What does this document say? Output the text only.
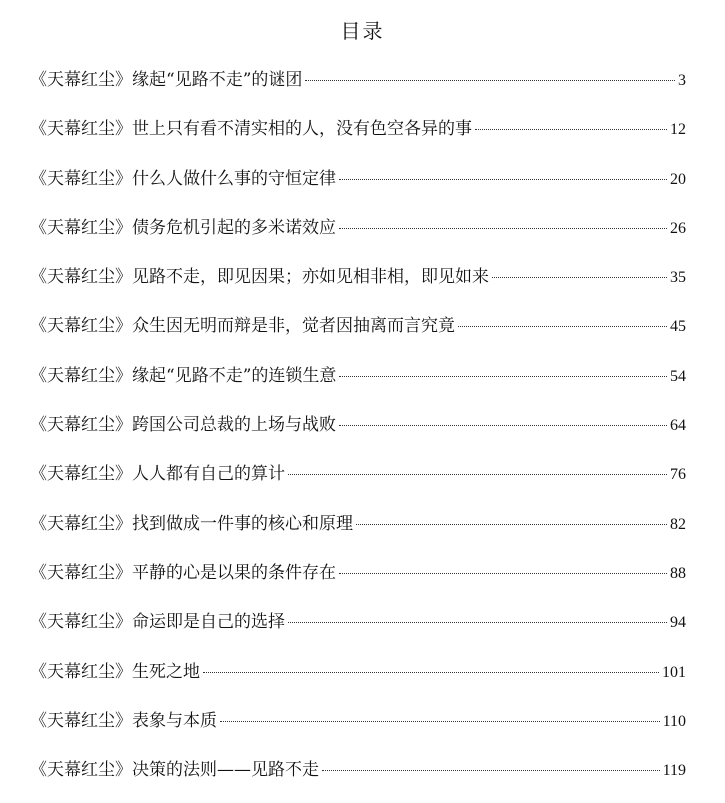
目录
《天幕红尘》缘起“见路不走”的谜团	3
《天幕红尘》世上只有看不清实相的人，没有色空各异的事	12
《天幕红尘》什么人做什么事的守恒定律	20
《天幕红尘》债务危机引起的多米诺效应	26
《天幕红尘》见路不走，即见因果；亦如见相非相，即见如来	35
《天幕红尘》众生因无明而辩是非，觉者因抽离而言究竟	45
《天幕红尘》缘起“见路不走”的连锁生意	54
《天幕红尘》跨国公司总裁的上场与战败	64
《天幕红尘》人人都有自己的算计	76
《天幕红尘》找到做成一件事的核心和原理	82
《天幕红尘》平静的心是以果的条件存在	88
《天幕红尘》命运即是自己的选择	94
《天幕红尘》生死之地	101
《天幕红尘》表象与本质	110
《天幕红尘》决策的法则——见路不走	119
